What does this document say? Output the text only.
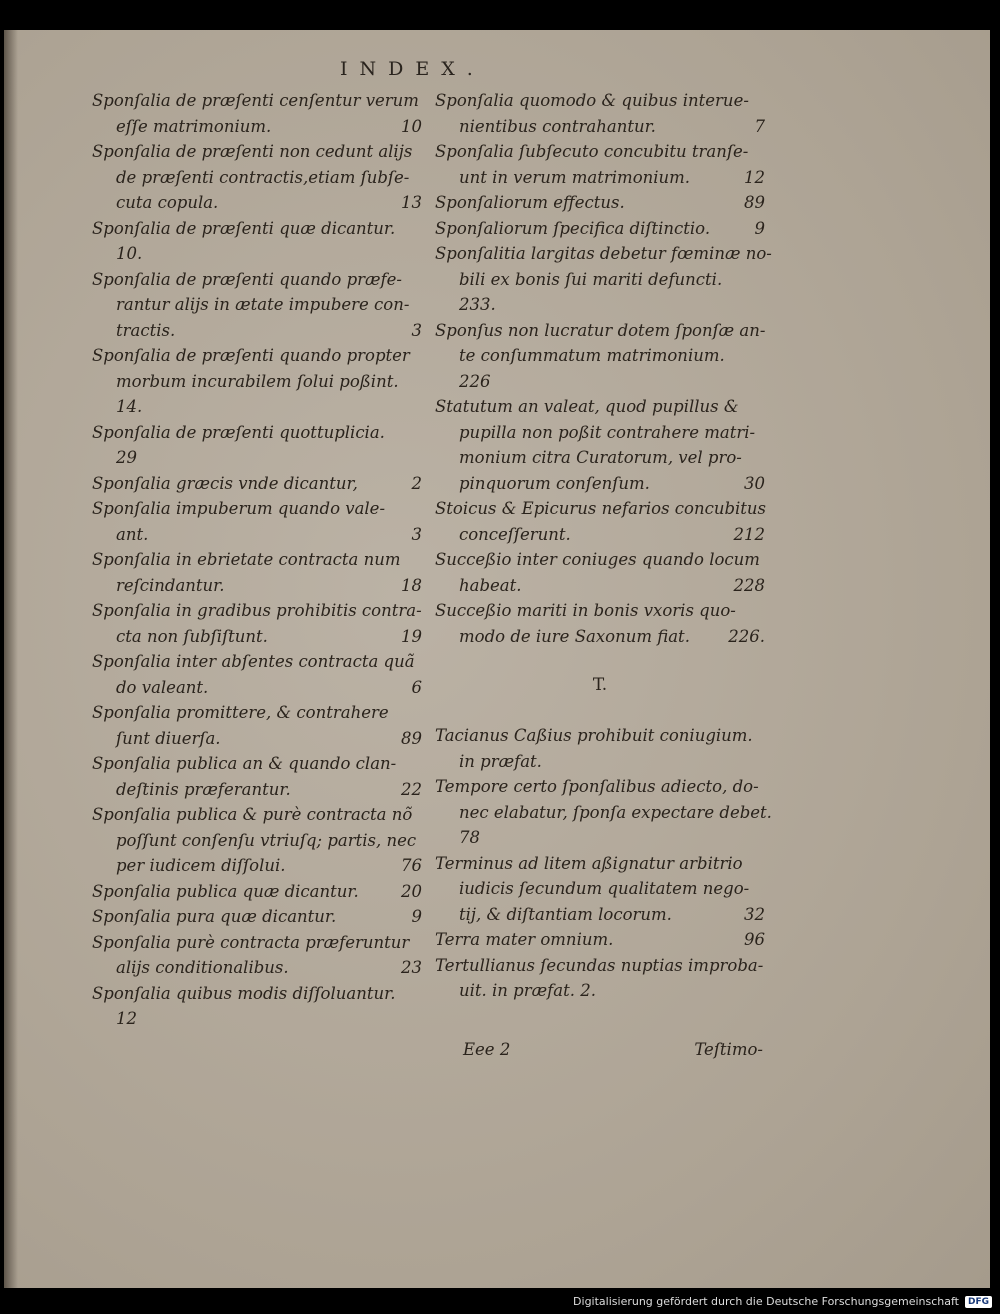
INDEX.
Sponſalia de præſenti cenſentur verum
eſſe matrimonium.	10
Sponſalia de præſenti non cedunt alijs
de præſenti contractis,etiam ſubſe-
cuta copula.	13
Sponſalia de præſenti quæ dicantur.
10.
Sponſalia de præſenti quando præfe-
rantur alijs in ætate impubere con-
tractis.	3
Sponſalia de præſenti quando propter
morbum incurabilem ſolui poßint.
14.
Sponſalia de præſenti quottuplicia.
29
Sponſalia græcis vnde dicantur,	2
Sponſalia impuberum quando vale-
ant.	3
Sponſalia in ebrietate contracta num
reſcindantur.	18
Sponſalia in gradibus prohibitis contra-
cta non ſubſiſtunt.	19
Sponſalia inter abſentes contracta quã
do valeant.	6
Sponſalia promittere, & contrahere
ſunt diuerſa.	89
Sponſalia publica an & quando clan-
deſtinis præferantur.	22
Sponſalia publica & purè contracta nõ
poſſunt conſenſu vtriuſq; partis, nec
per iudicem diſſolui.	76
Sponſalia publica quæ dicantur.	20
Sponſalia pura quæ dicantur.	9
Sponſalia purè contracta præferuntur
alijs conditionalibus.	23
Sponſalia quibus modis diſſoluantur.
12
Sponſalia quomodo & quibus interue-
nientibus contrahantur.	7
Sponſalia ſubſecuto concubitu tranſe-
unt in verum matrimonium.	12
Sponſaliorum effectus.	89
Sponſaliorum ſpecifica diſtinctio.	9
Sponſalitia largitas debetur fœminæ no-
bili ex bonis ſui mariti defuncti.
233.
Sponſus non lucratur dotem ſponſæ an-
te conſummatum matrimonium.
226
Statutum an valeat, quod pupillus &
pupilla non poßit contrahere matri-
monium citra Curatorum, vel pro-
pinquorum conſenſum.	30
Stoicus & Epicurus nefarios concubitus
conceſſerunt.	212
Succeßio inter coniuges quando locum
habeat.	228
Succeßio mariti in bonis vxoris quo-
modo de iure Saxonum fiat. 226.
T.
Tacianus Caßius prohibuit coniugium.
in præfat.
Tempore certo ſponſalibus adiecto, do-
nec elabatur, ſponſa expectare debet.
78
Terminus ad litem aßignatur arbitrio
iudicis ſecundum qualitatem nego-
tij, & diſtantiam locorum.	32
Terra mater omnium.	96
Tertullianus ſecundas nuptias improba-
uit. in præfat. 2.
Eee 2	Teſtimo-
Digitalisierung gefördert durch die Deutsche Forschungsgemeinschaft	DFG
